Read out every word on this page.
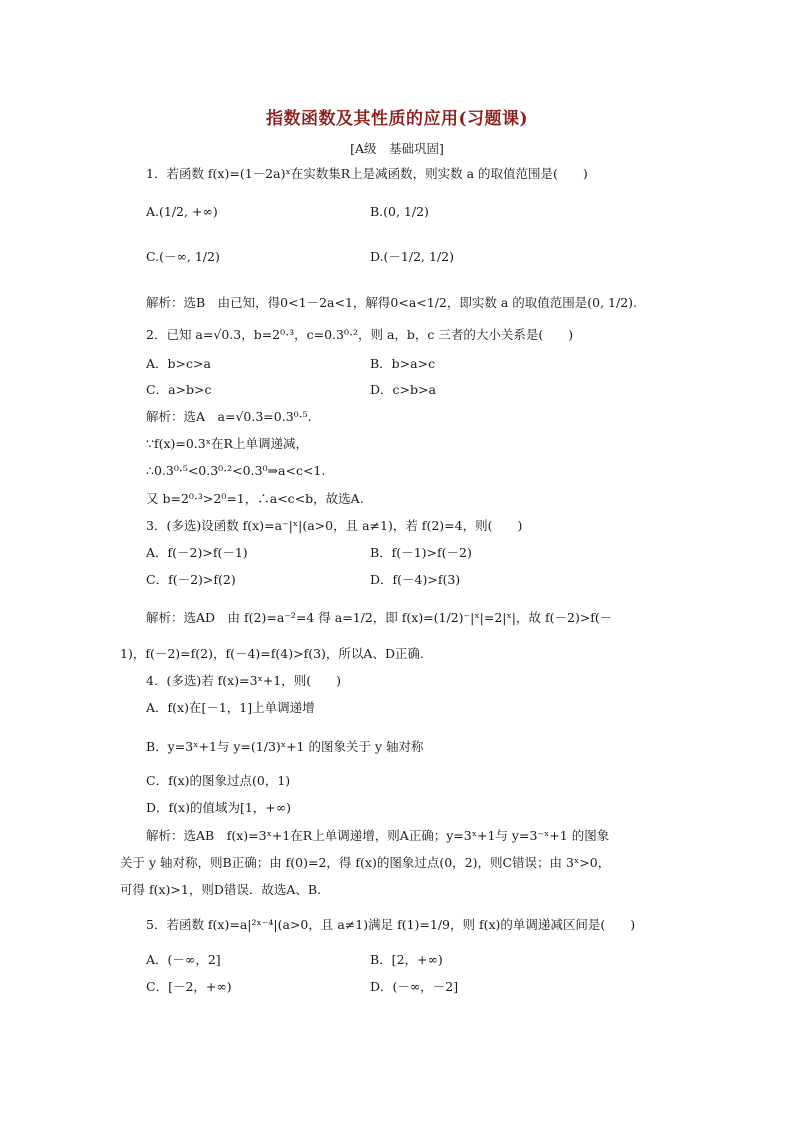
指数函数及其性质的应用(习题课)
[A级　基础巩固]
1．若函数 f(x)=(1－2a)ˣ在实数集R上是减函数，则实数 a 的取值范围是(　　)
A.(1/2, +∞)	B.(0, 1/2)
C.(－∞, 1/2)	D.(－1/2, 1/2)
解析：选B　由已知，得0<1－2a<1，解得0<a<1/2，即实数 a 的取值范围是(0, 1/2).
2．已知 a=√0.3，b=2⁰·³，c=0.3⁰·²，则 a，b，c 三者的大小关系是(　　)
A．b>c>a	B．b>a>c
C．a>b>c	D．c>b>a
解析：选A　a=√0.3=0.3⁰·⁵.
∵f(x)=0.3ˣ在R上单调递减，
∴0.3⁰·⁵<0.3⁰·²<0.3⁰⇒a<c<1.
又 b=2⁰·³>2⁰=1，∴a<c<b，故选A.
3．(多选)设函数 f(x)=a⁻|ˣ|(a>0，且 a≠1)，若 f(2)=4，则(　　)
A．f(－2)>f(－1)	B．f(－1)>f(－2)
C．f(－2)>f(2)	D．f(－4)>f(3)
解析：选AD　由 f(2)=a⁻²=4 得 a=1/2，即 f(x)=(1/2)⁻|ˣ|=2|ˣ|，故 f(－2)>f(－
1)，f(－2)=f(2)，f(－4)=f(4)>f(3)，所以A、D正确.
4．(多选)若 f(x)=3ˣ+1，则(　　)
A．f(x)在[－1，1]上单调递增
B．y=3ˣ+1与 y=(1/3)ˣ+1 的图象关于 y 轴对称
C．f(x)的图象过点(0，1)
D．f(x)的值域为[1，+∞)
解析：选AB　f(x)=3ˣ+1在R上单调递增，则A正确；y=3ˣ+1与 y=3⁻ˣ+1 的图象
关于 y 轴对称，则B正确；由 f(0)=2，得 f(x)的图象过点(0，2)，则C错误；由 3ˣ>0，
可得 f(x)>1，则D错误．故选A、B.
5．若函数 f(x)=a|²ˣ⁻⁴|(a>0，且 a≠1)满足 f(1)=1/9，则 f(x)的单调递减区间是(　　)
A．(－∞，2]	B．[2，+∞)
C．[－2，+∞)	D．(－∞，－2]
